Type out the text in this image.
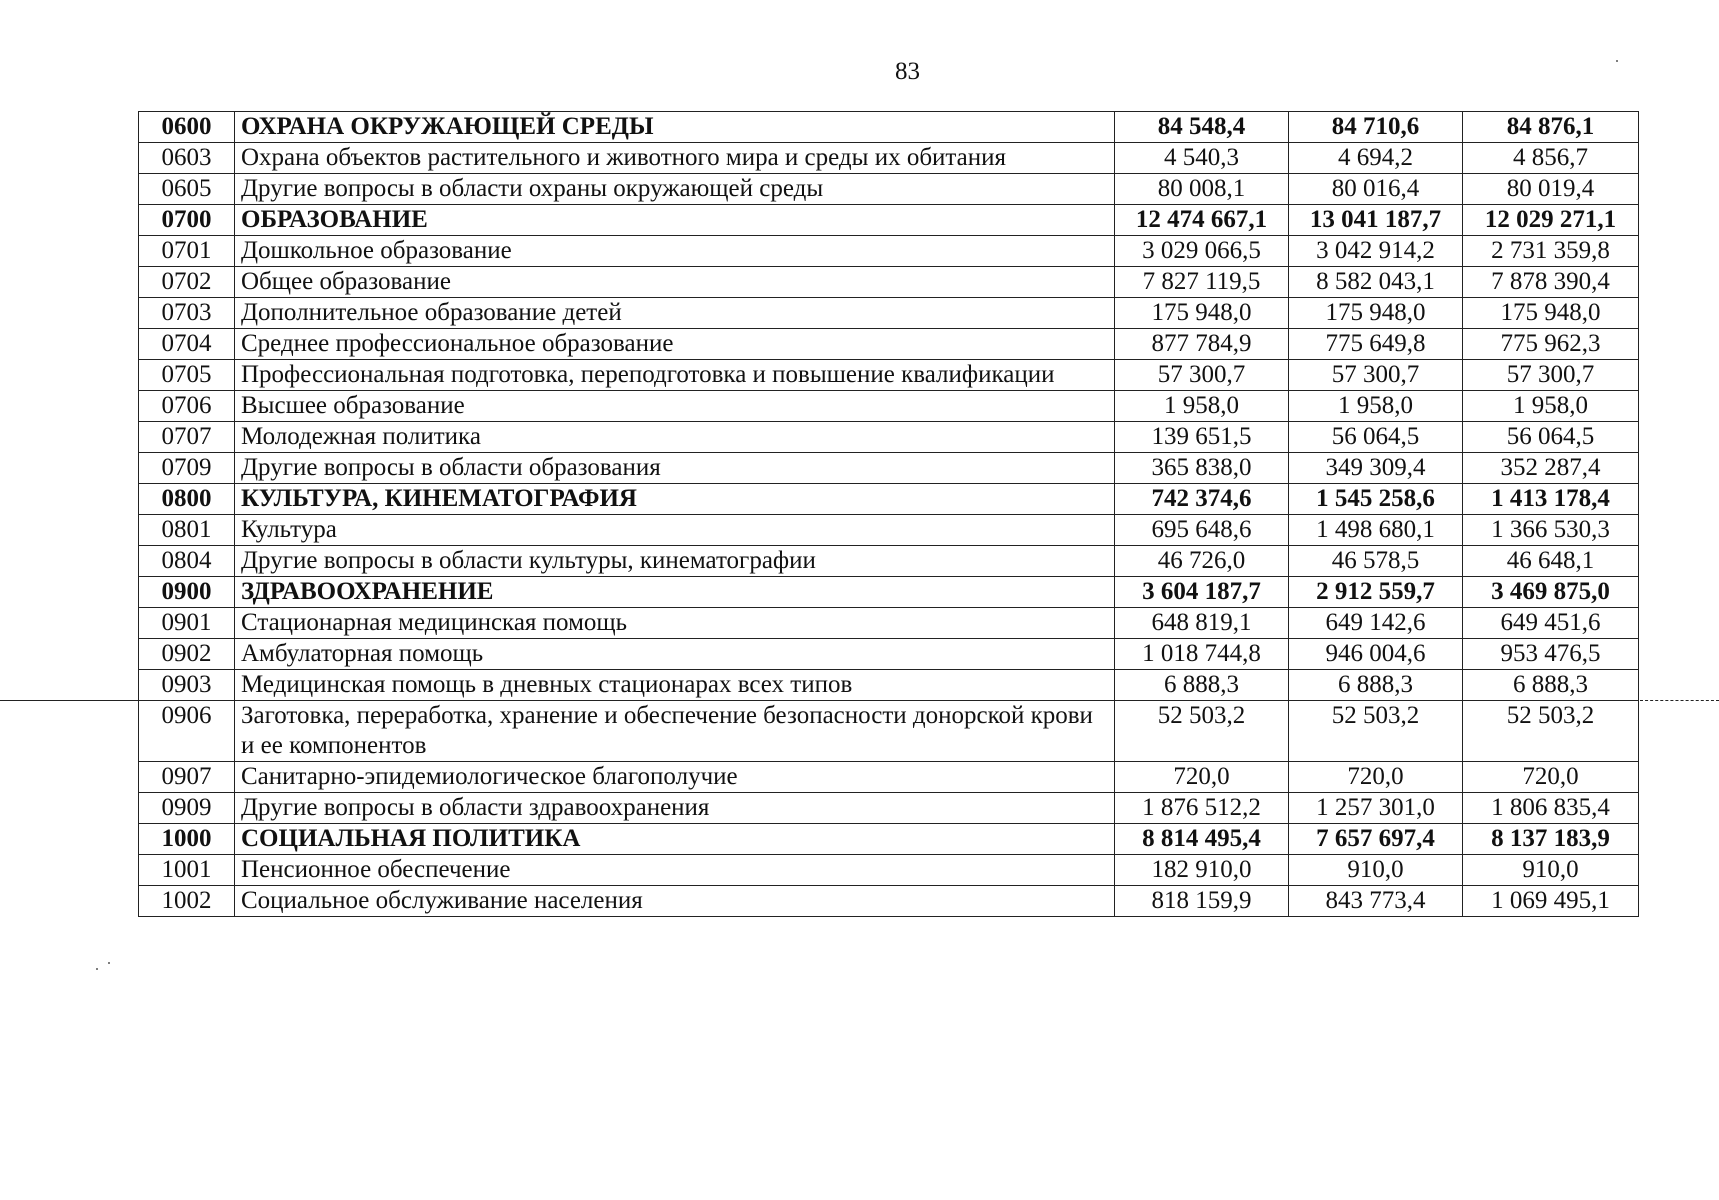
83
0600	ОХРАНА ОКРУЖАЮЩЕЙ СРЕДЫ	84 548,4	84 710,6	84 876,1
0603	Охрана объектов растительного и животного мира и среды их обитания	4 540,3	4 694,2	4 856,7
0605	Другие вопросы в области охраны окружающей среды	80 008,1	80 016,4	80 019,4
0700	ОБРАЗОВАНИЕ	12 474 667,1	13 041 187,7	12 029 271,1
0701	Дошкольное образование	3 029 066,5	3 042 914,2	2 731 359,8
0702	Общее образование	7 827 119,5	8 582 043,1	7 878 390,4
0703	Дополнительное образование детей	175 948,0	175 948,0	175 948,0
0704	Среднее профессиональное образование	877 784,9	775 649,8	775 962,3
0705	Профессиональная подготовка, переподготовка и повышение квалификации	57 300,7	57 300,7	57 300,7
0706	Высшее образование	1 958,0	1 958,0	1 958,0
0707	Молодежная политика	139 651,5	56 064,5	56 064,5
0709	Другие вопросы в области образования	365 838,0	349 309,4	352 287,4
0800	КУЛЬТУРА, КИНЕМАТОГРАФИЯ	742 374,6	1 545 258,6	1 413 178,4
0801	Культура	695 648,6	1 498 680,1	1 366 530,3
0804	Другие вопросы в области культуры, кинематографии	46 726,0	46 578,5	46 648,1
0900	ЗДРАВООХРАНЕНИЕ	3 604 187,7	2 912 559,7	3 469 875,0
0901	Стационарная медицинская помощь	648 819,1	649 142,6	649 451,6
0902	Амбулаторная помощь	1 018 744,8	946 004,6	953 476,5
0903	Медицинская помощь в дневных стационарах всех типов	6 888,3	6 888,3	6 888,3
0906	Заготовка, переработка, хранение и обеспечение безопасности донорской крови и ее компонентов	52 503,2	52 503,2	52 503,2
0907	Санитарно-эпидемиологическое благополучие	720,0	720,0	720,0
0909	Другие вопросы в области здравоохранения	1 876 512,2	1 257 301,0	1 806 835,4
1000	СОЦИАЛЬНАЯ ПОЛИТИКА	8 814 495,4	7 657 697,4	8 137 183,9
1001	Пенсионное обеспечение	182 910,0	910,0	910,0
1002	Социальное обслуживание населения	818 159,9	843 773,4	1 069 495,1
